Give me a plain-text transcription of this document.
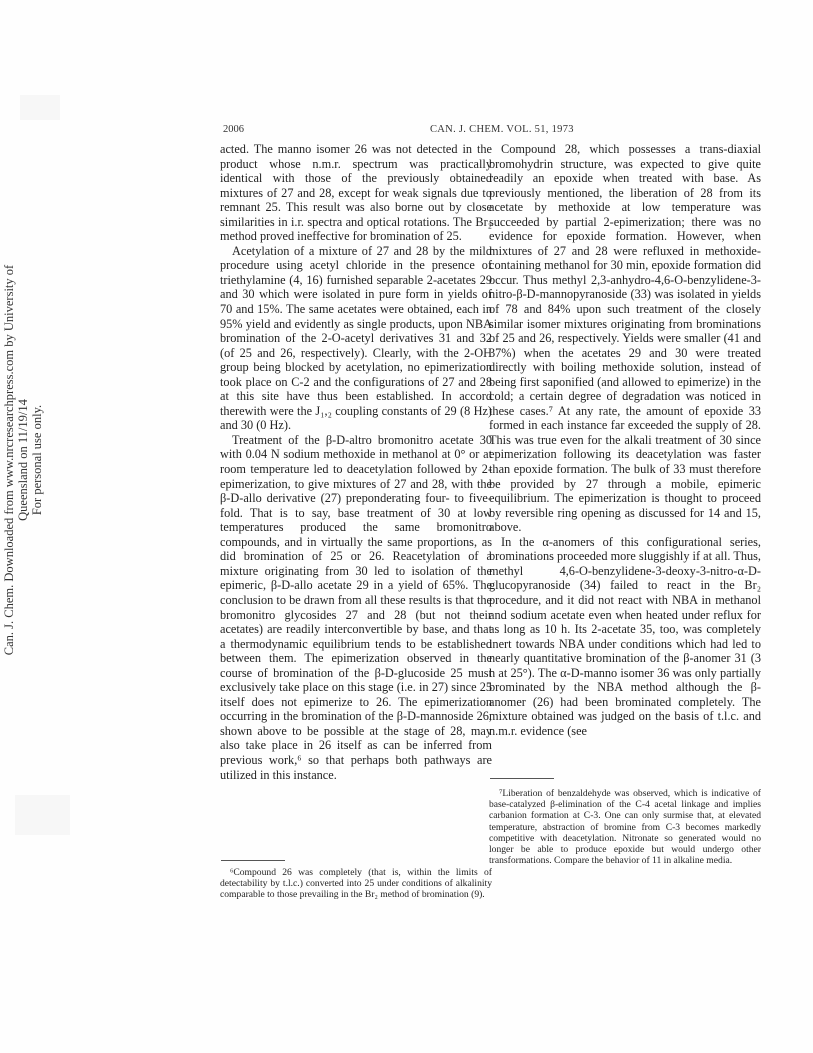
Can. J. Chem. Downloaded from www.nrcresearchpress.com by University of Queensland on 11/19/14 For personal use only.
2006	CAN. J. CHEM. VOL. 51, 1973

acted. The manno isomer 26 was not detected in the product whose n.m.r. spectrum was practically identical with those of the previously obtained mixtures of 27 and 28, except for weak signals due to remnant 25. This result was also borne out by close similarities in i.r. spectra and optical rotations. The Br₂ method proved ineffective for bromination of 25.

Acetylation of a mixture of 27 and 28 by the mild procedure using acetyl chloride in the presence of triethylamine (4, 16) furnished separable 2-acetates 29 and 30 which were isolated in pure form in yields of 70 and 15%. The same acetates were obtained, each in 95% yield and evidently as single products, upon NBA bromination of the 2-O-acetyl derivatives 31 and 32 (of 25 and 26, respectively). Clearly, with the 2-OH group being blocked by acetylation, no epimerization took place on C-2 and the configurations of 27 and 28 at this site have thus been established. In accord therewith were the J₁,₂ coupling constants of 29 (8 Hz) and 30 (0 Hz).

Treatment of the β-D-altro bromonitro acetate 30 with 0.04 N sodium methoxide in methanol at 0° or at room temperature led to deacetylation followed by 2-epimerization, to give mixtures of 27 and 28, with the β-D-allo derivative (27) preponderating four- to five-fold. That is to say, base treatment of 30 at low temperatures produced the same bromonitro compounds, and in virtually the same proportions, as did bromination of 25 or 26. Reacetylation of a mixture originating from 30 led to isolation of the epimeric, β-D-allo acetate 29 in a yield of 65%. The conclusion to be drawn from all these results is that the bromonitro glycosides 27 and 28 (but not their acetates) are readily interconvertible by base, and that a thermodynamic equilibrium tends to be established between them. The epimerization observed in the course of bromination of the β-D-glucoside 25 must exclusively take place on this stage (i.e. in 27) since 25 itself does not epimerize to 26. The epimerization occurring in the bromination of the β-D-mannoside 26, shown above to be possible at the stage of 28, may also take place in 26 itself as can be inferred from previous work,⁶ so that perhaps both pathways are utilized in this instance.

⁶Compound 26 was completely (that is, within the limits of detectability by t.l.c.) converted into 25 under conditions of alkalinity comparable to those prevailing in the Br₂ method of bromination (9).

Compound 28, which possesses a trans-diaxial bromohydrin structure, was expected to give quite readily an epoxide when treated with base. As previously mentioned, the liberation of 28 from its acetate by methoxide at low temperature was succeeded by partial 2-epimerization; there was no evidence for epoxide formation. However, when mixtures of 27 and 28 were refluxed in methoxide-containing methanol for 30 min, epoxide formation did occur. Thus methyl 2,3-anhydro-4,6-O-benzylidene-3-nitro-β-D-mannopyranoside (33) was isolated in yields of 78 and 84% upon such treatment of the closely similar isomer mixtures originating from brominations of 25 and 26, respectively. Yields were smaller (41 and 37%) when the acetates 29 and 30 were treated directly with boiling methoxide solution, instead of being first saponified (and allowed to epimerize) in the cold; a certain degree of degradation was noticed in these cases.⁷ At any rate, the amount of epoxide 33 formed in each instance far exceeded the supply of 28. This was true even for the alkali treatment of 30 since epimerization following its deacetylation was faster than epoxide formation. The bulk of 33 must therefore be provided by 27 through a mobile, epimeric equilibrium. The epimerization is thought to proceed by reversible ring opening as discussed for 14 and 15, above.

In the α-anomers of this configurational series, brominations proceeded more sluggishly if at all. Thus, methyl 4,6-O-benzylidene-3-deoxy-3-nitro-α-D-glucopyranoside (34) failed to react in the Br₂ procedure, and it did not react with NBA in methanol and sodium acetate even when heated under reflux for as long as 10 h. Its 2-acetate 35, too, was completely inert towards NBA under conditions which had led to nearly quantitative bromination of the β-anomer 31 (3 h at 25°). The α-D-manno isomer 36 was only partially brominated by the NBA method although the β-anomer (26) had been brominated completely. The mixture obtained was judged on the basis of t.l.c. and n.m.r. evidence (see

⁷Liberation of benzaldehyde was observed, which is indicative of base-catalyzed β-elimination of the C-4 acetal linkage and implies carbanion formation at C-3. One can only surmise that, at elevated temperature, abstraction of bromine from C-3 becomes markedly competitive with deacetylation. Nitronate so generated would no longer be able to produce epoxide but would undergo other transformations. Compare the behavior of 11 in alkaline media.
